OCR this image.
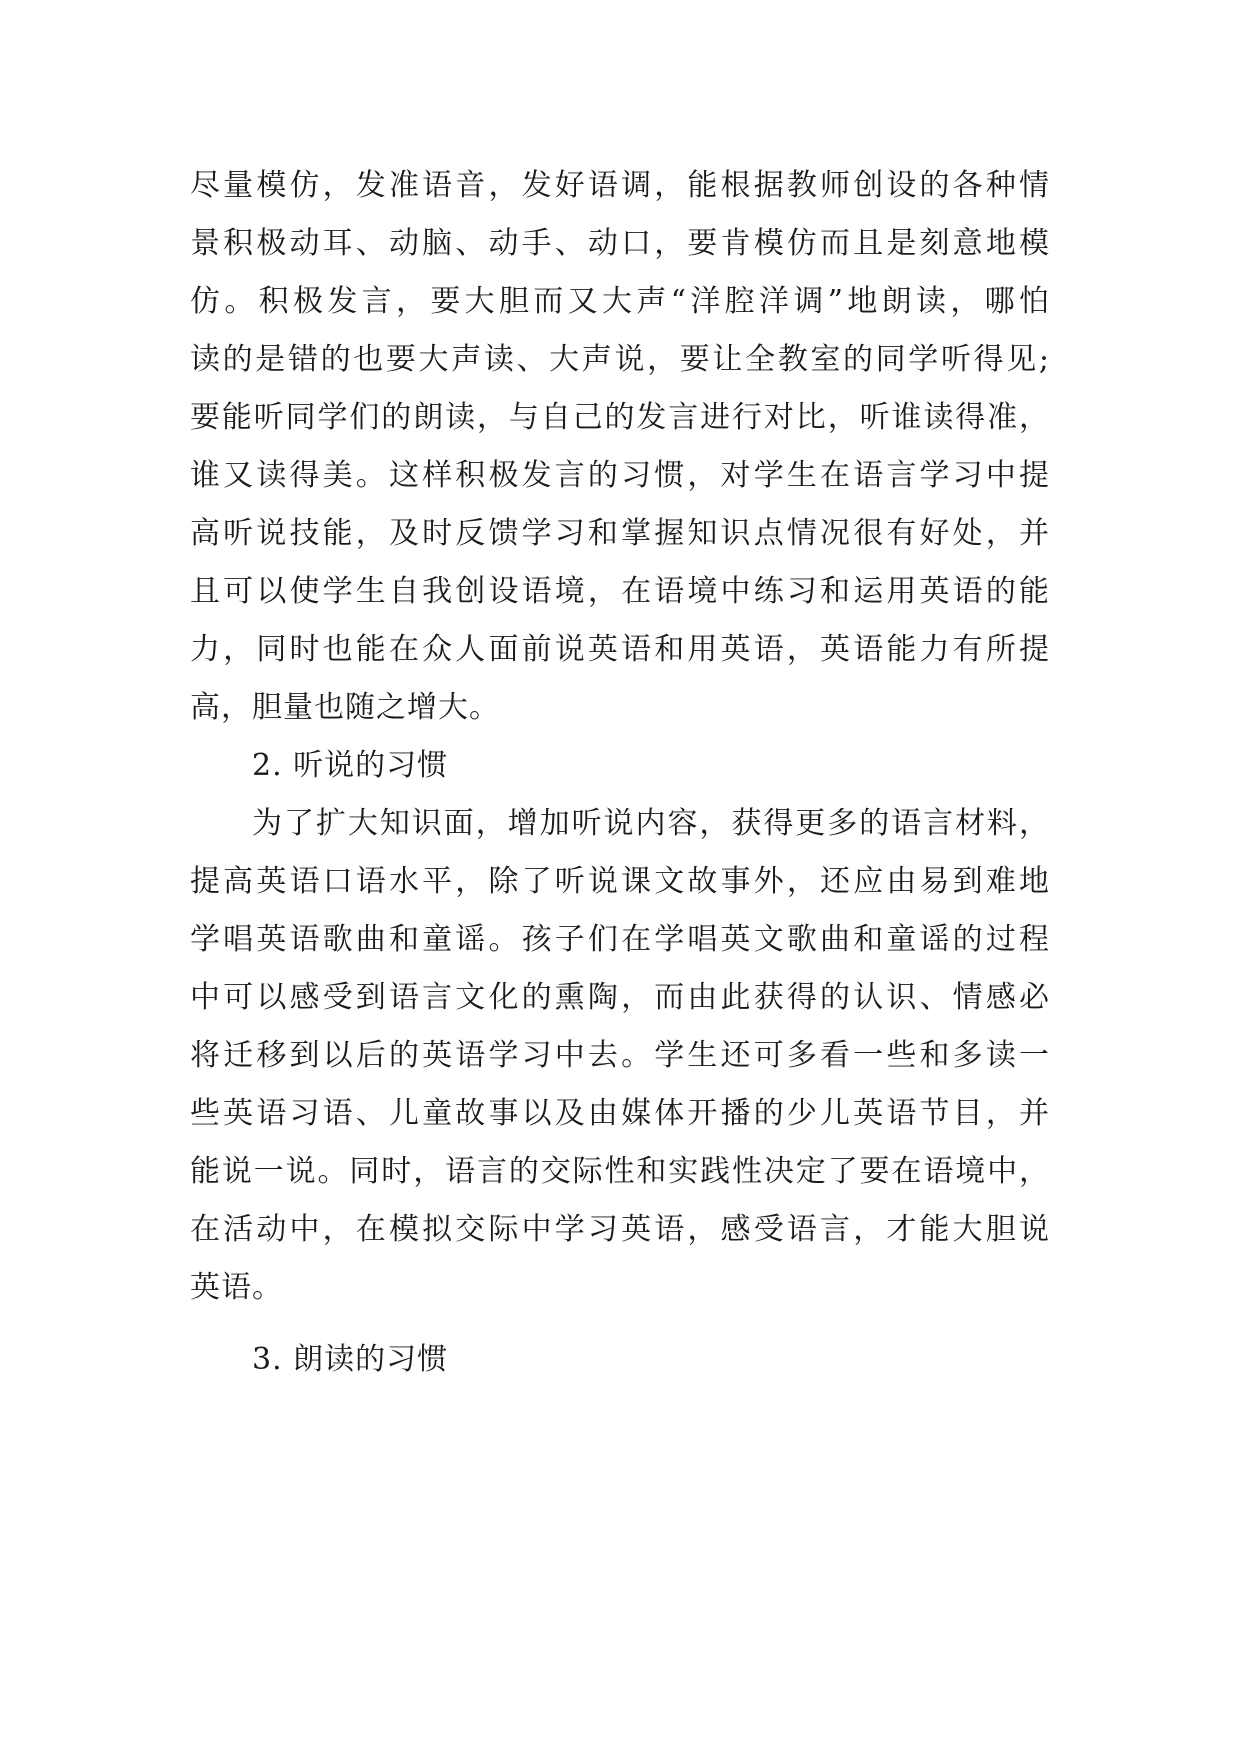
尽量模仿，发准语音，发好语调，能根据教师创设的各种情
景积极动耳、动脑、动手、动口，要肯模仿而且是刻意地模
仿。积极发言，要大胆而又大声“洋腔洋调”地朗读，哪怕
读的是错的也要大声读、大声说，要让全教室的同学听得见;
要能听同学们的朗读，与自己的发言进行对比，听谁读得准，
谁又读得美。这样积极发言的习惯，对学生在语言学习中提
高听说技能，及时反馈学习和掌握知识点情况很有好处，并
且可以使学生自我创设语境，在语境中练习和运用英语的能
力，同时也能在众人面前说英语和用英语，英语能力有所提
高，胆量也随之增大。
2. 听说的习惯
为了扩大知识面，增加听说内容，获得更多的语言材料，
提高英语口语水平，除了听说课文故事外，还应由易到难地
学唱英语歌曲和童谣。孩子们在学唱英文歌曲和童谣的过程
中可以感受到语言文化的熏陶，而由此获得的认识、情感必
将迁移到以后的英语学习中去。学生还可多看一些和多读一
些英语习语、儿童故事以及由媒体开播的少儿英语节目，并
能说一说。同时，语言的交际性和实践性决定了要在语境中，
在活动中，在模拟交际中学习英语，感受语言，才能大胆说
英语。
3. 朗读的习惯
